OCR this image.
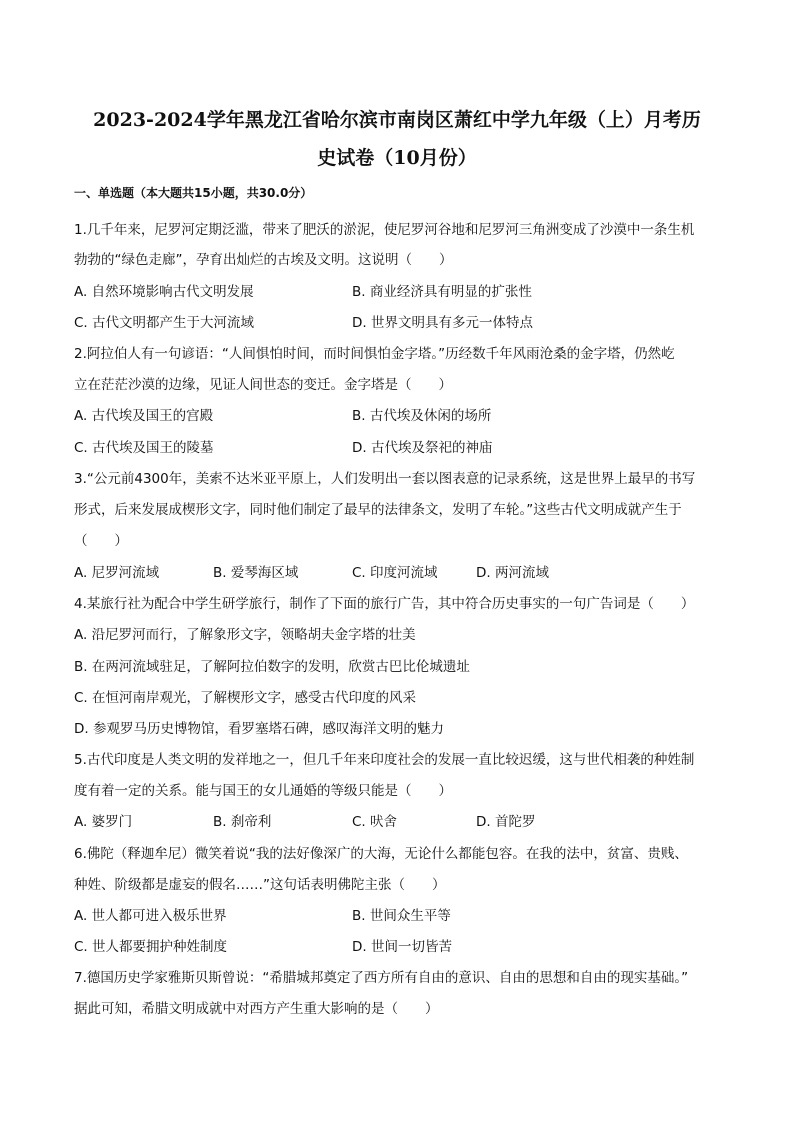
2023-2024学年黑龙江省哈尔滨市南岗区萧红中学九年级（上）月考历
史试卷（10月份）

一、单选题（本大题共15小题，共30.0分）

1.几千年来，尼罗河定期泛滥，带来了肥沃的淤泥，使尼罗河谷地和尼罗河三角洲变成了沙漠中一条生机

勃勃的“绿色走廊”，孕育出灿烂的古埃及文明。这说明（　　）

A. 自然环境影响古代文明发展	B. 商业经济具有明显的扩张性

C. 古代文明都产生于大河流域	D. 世界文明具有多元一体特点

2.阿拉伯人有一句谚语：“人间惧怕时间，而时间惧怕金字塔。”历经数千年风雨沧桑的金字塔，仍然屹

立在茫茫沙漠的边缘，见证人间世态的变迁。金字塔是（　　）

A. 古代埃及国王的宫殿	B. 古代埃及休闲的场所

C. 古代埃及国王的陵墓	D. 古代埃及祭祀的神庙

3.“公元前4300年，美索不达米亚平原上，人们发明出一套以图表意的记录系统，这是世界上最早的书写

形式，后来发展成楔形文字，同时他们制定了最早的法律条文，发明了车轮。”这些古代文明成就产生于

（　　）

A. 尼罗河流域	B. 爱琴海区域	C. 印度河流域	D. 两河流域

4.某旅行社为配合中学生研学旅行，制作了下面的旅行广告，其中符合历史事实的一句广告词是（　　）

A. 沿尼罗河而行，了解象形文字，领略胡夫金字塔的壮美

B. 在两河流域驻足，了解阿拉伯数字的发明，欣赏古巴比伦城遗址

C. 在恒河南岸观光，了解楔形文字，感受古代印度的风采

D. 参观罗马历史博物馆，看罗塞塔石碑，感叹海洋文明的魅力

5.古代印度是人类文明的发祥地之一，但几千年来印度社会的发展一直比较迟缓，这与世代相袭的种姓制

度有着一定的关系。能与国王的女儿通婚的等级只能是（　　）

A. 婆罗门	B. 刹帝利	C. 吠舍	D. 首陀罗

6.佛陀（释迦牟尼）微笑着说“我的法好像深广的大海，无论什么都能包容。在我的法中，贫富、贵贱、

种姓、阶级都是虚妄的假名……”这句话表明佛陀主张（　　）

A. 世人都可进入极乐世界	B. 世间众生平等

C. 世人都要拥护种姓制度	D. 世间一切皆苦

7.德国历史学家雅斯贝斯曾说：“希腊城邦奠定了西方所有自由的意识、自由的思想和自由的现实基础。”

据此可知，希腊文明成就中对西方产生重大影响的是（　　）
